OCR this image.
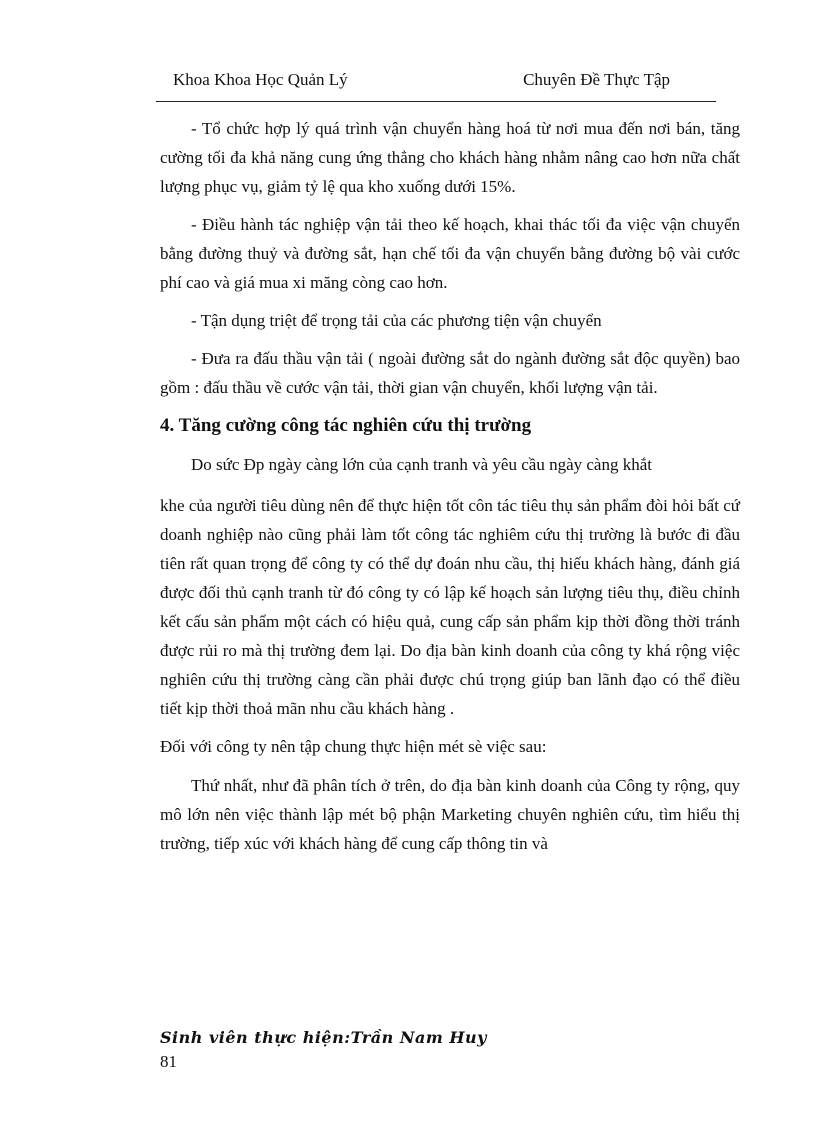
Khoa Khoa Học Quản Lý	Chuyên Đề Thực Tập

- Tổ chức hợp lý quá trình vận chuyển hàng hoá từ nơi mua đến nơi bán, tăng cường tối đa khả năng cung ứng thẳng cho khách hàng nhằm nâng cao hơn nữa chất lượng phục vụ, giảm tỷ lệ qua kho xuống dưới 15%.

- Điều hành tác nghiệp vận tải theo kế hoạch, khai thác tối đa việc vận chuyển bằng đường thuỷ và đường sắt, hạn chế tối đa vận chuyển bằng đường bộ vài cước phí cao và giá mua xi măng còng cao hơn.

- Tận dụng triệt để trọng tải của các phương tiện vận chuyển

- Đưa ra đấu thầu vận tải ( ngoài đường sắt do ngành đường sắt độc quyền) bao gồm : đấu thầu về cước vận tải, thời gian vận chuyển, khối lượng vận tải.

4. Tăng cường công tác nghiên cứu thị trường

Do sức Đp ngày càng lớn của cạnh tranh và yêu cầu ngày càng khắt

khe của người tiêu dùng nên để thực hiện tốt côn tác tiêu thụ sản phẩm đòi hỏi bất cứ doanh nghiệp nào cũng phải làm tốt công tác nghiêm cứu thị trường là bước đi đầu tiên rất quan trọng để công ty có thể dự đoán nhu cầu, thị hiếu khách hàng, đánh giá được đối thủ cạnh tranh từ đó công ty có lập kế hoạch sản lượng tiêu thụ, điều chỉnh kết cấu sản phẩm một cách có hiệu quả, cung cấp sản phẩm kịp thời đồng thời tránh được rủi ro mà thị trường đem lại. Do địa bàn kinh doanh của công ty khá rộng việc nghiên cứu thị trường càng cần phải được chú trọng giúp ban lãnh đạo có thể điều tiết kịp thời thoả mãn nhu cầu khách hàng .

Đối với công ty nên tập chung thực hiện mét sè việc sau:

Thứ nhất, như đã phân tích ở trên, do địa bàn kinh doanh của Công ty rộng, quy mô lớn nên việc thành lập mét bộ phận Marketing chuyên nghiên cứu, tìm hiểu thị trường, tiếp xúc với khách hàng để cung cấp thông tin và

Sinh viên thực hiện:Trần Nam Huy
81
